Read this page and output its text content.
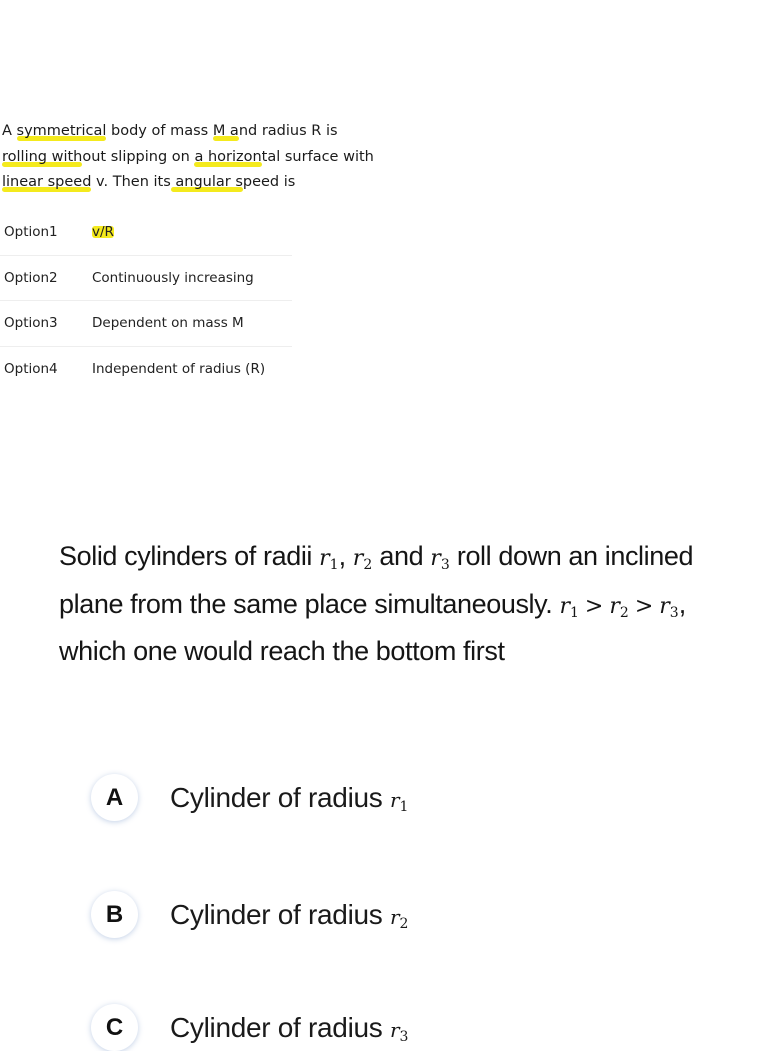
A symmetrical body of mass M and radius R is
rolling without slipping on a horizontal surface with
linear speed v. Then its angular speed is
Option1	v/R
Option2	Continuously increasing
Option3	Dependent on mass M
Option4	Independent of radius (R)
Solid cylinders of radii $r_1$, $r_2$ and $r_3$ roll down an inclined plane from the same place simultaneously. $r_1 > r_2 > r_3$, which one would reach the bottom first
A	Cylinder of radius $r_1$
B	Cylinder of radius $r_2$
C	Cylinder of radius $r_3$
